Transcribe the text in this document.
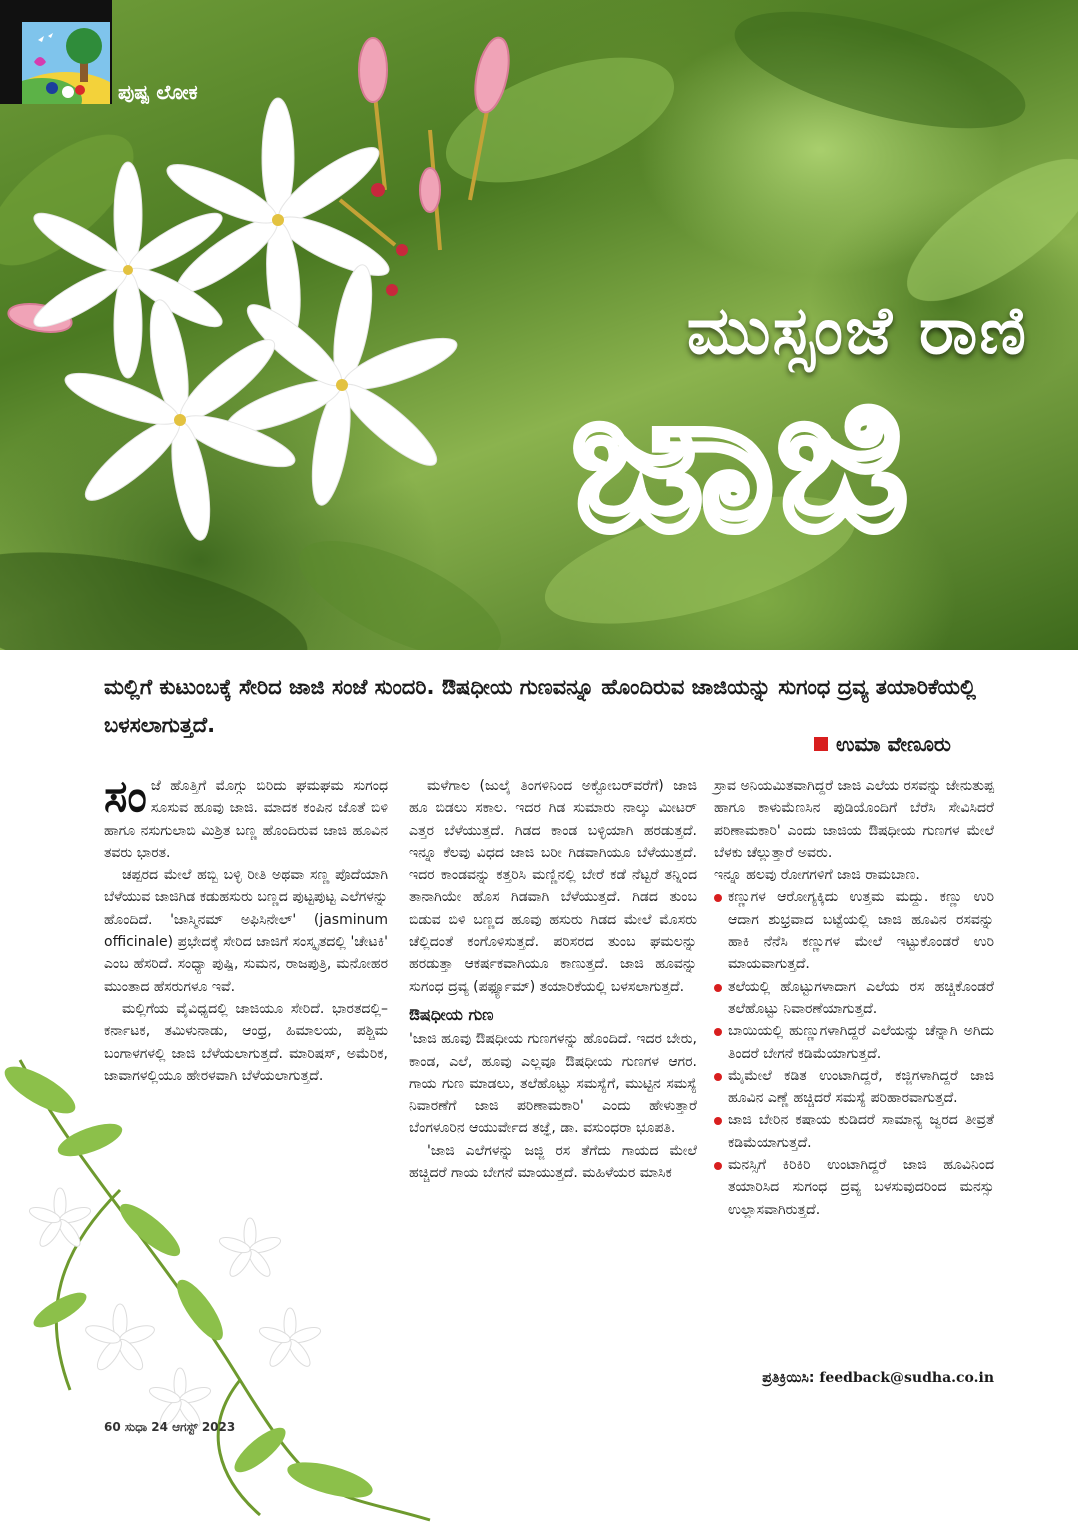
ಪುಷ್ಪ ಲೋಕ
ಮುಸ್ಸಂಜೆ ರಾಣಿ
ಜಾಜಿ
ಮಲ್ಲಿಗೆ ಕುಟುಂಬಕ್ಕೆ ಸೇರಿದ ಜಾಜಿ ಸಂಜೆ ಸುಂದರಿ. ಔಷಧೀಯ ಗುಣವನ್ನೂ ಹೊಂದಿರುವ ಜಾಜಿಯನ್ನು ಸುಗಂಧ ದ್ರವ್ಯ ತಯಾರಿಕೆಯಲ್ಲಿ ಬಳಸಲಾಗುತ್ತದೆ.
ಉಮಾ ವೇಣೂರು

ಸಂಜೆ ಹೊತ್ತಿಗೆ ಮೊಗ್ಗು ಬಿರಿದು ಘಮಘಮ ಸುಗಂಧ ಸೂಸುವ ಹೂವು ಜಾಜಿ. ಮಾದಕ ಕಂಪಿನ ಜೊತೆ ಬಿಳಿ ಹಾಗೂ ನಸುಗುಲಾಬಿ ಮಿಶ್ರಿತ ಬಣ್ಣ ಹೊಂದಿರುವ ಜಾಜಿ ಹೂವಿನ ತವರು ಭಾರತ.

ಚಪ್ಪರದ ಮೇಲೆ ಹಬ್ಬಿ ಬಳ್ಳಿ ರೀತಿ ಅಥವಾ ಸಣ್ಣ ಪೊದೆಯಾಗಿ ಬೆಳೆಯುವ ಜಾಜಿಗಿಡ ಕಡುಹಸುರು ಬಣ್ಣದ ಪುಟ್ಟಪುಟ್ಟ ಎಲೆಗಳನ್ನು ಹೊಂದಿದೆ. 'ಜಾಸ್ಮಿನಮ್ ಅಫಿಸಿನೇಲ್' (jasminum officinale) ಪ್ರಭೇದಕ್ಕೆ ಸೇರಿದ ಜಾಜಿಗೆ ಸಂಸ್ಕೃತದಲ್ಲಿ 'ಚೇಟಕಿ' ಎಂಬ ಹೆಸರಿದೆ. ಸಂಧ್ಯಾ ಪುಷ್ಪಿ, ಸುಮನ, ರಾಜಪುತ್ರಿ, ಮನೋಹರ ಮುಂತಾದ ಹೆಸರುಗಳೂ ಇವೆ.

ಮಲ್ಲಿಗೆಯ ವೈವಿಧ್ಯದಲ್ಲಿ ಜಾಜಿಯೂ ಸೇರಿದೆ. ಭಾರತದಲ್ಲಿ– ಕರ್ನಾಟಕ, ತಮಿಳುನಾಡು, ಆಂಧ್ರ, ಹಿಮಾಲಯ, ಪಶ್ಚಿಮ ಬಂಗಾಳಗಳಲ್ಲಿ ಜಾಜಿ ಬೆಳೆಯಲಾಗುತ್ತದೆ. ಮಾರಿಷಸ್, ಅಮೆರಿಕ, ಜಾವಾಗಳಲ್ಲಿಯೂ ಹೇರಳವಾಗಿ ಬೆಳೆಯಲಾಗುತ್ತದೆ.

ಮಳೆಗಾಲ (ಜುಲೈ ತಿಂಗಳಿನಿಂದ ಅಕ್ಟೋಬರ್‌ವರೆಗೆ) ಜಾಜಿ ಹೂ ಬಿಡಲು ಸಕಾಲ. ಇದರ ಗಿಡ ಸುಮಾರು ನಾಲ್ಕು ಮೀಟರ್ ಎತ್ತರ ಬೆಳೆಯುತ್ತದೆ. ಗಿಡದ ಕಾಂಡ ಬಳ್ಳಿಯಾಗಿ ಹರಡುತ್ತದೆ. ಇನ್ನೂ ಕೆಲವು ವಿಧದ ಜಾಜಿ ಬರೀ ಗಿಡವಾಗಿಯೂ ಬೆಳೆಯುತ್ತದೆ. ಇದರ ಕಾಂಡವನ್ನು ಕತ್ತರಿಸಿ ಮಣ್ಣಿನಲ್ಲಿ ಬೇರೆ ಕಡೆ ನೆಟ್ಟರೆ ತನ್ನಿಂದ ತಾನಾಗಿಯೇ ಹೊಸ ಗಿಡವಾಗಿ ಬೆಳೆಯುತ್ತದೆ. ಗಿಡದ ತುಂಬ ಬಿಡುವ ಬಿಳಿ ಬಣ್ಣದ ಹೂವು ಹಸುರು ಗಿಡದ ಮೇಲೆ ಮೊಸರು ಚೆಲ್ಲಿದಂತೆ ಕಂಗೊಳಿಸುತ್ತದೆ. ಪರಿಸರದ ತುಂಬ ಘಮಲನ್ನು ಹರಡುತ್ತಾ ಆಕರ್ಷಕವಾಗಿಯೂ ಕಾಣುತ್ತದೆ. ಜಾಜಿ ಹೂವನ್ನು ಸುಗಂಧ ದ್ರವ್ಯ (ಪರ್ಫ್ಯೂಮ್) ತಯಾರಿಕೆಯಲ್ಲಿ ಬಳಸಲಾಗುತ್ತದೆ.

ಔಷಧೀಯ ಗುಣ

'ಜಾಜಿ ಹೂವು ಔಷಧೀಯ ಗುಣಗಳನ್ನು ಹೊಂದಿದೆ. ಇದರ ಬೇರು, ಕಾಂಡ, ಎಲೆ, ಹೂವು ಎಲ್ಲವೂ ಔಷಧೀಯ ಗುಣಗಳ ಆಗರ. ಗಾಯ ಗುಣ ಮಾಡಲು, ತಲೆಹೊಟ್ಟು ಸಮಸ್ಯೆಗೆ, ಮುಟ್ಟಿನ ಸಮಸ್ಯೆ ನಿವಾರಣೆಗೆ ಜಾಜಿ ಪರಿಣಾಮಕಾರಿ' ಎಂದು ಹೇಳುತ್ತಾರೆ ಬೆಂಗಳೂರಿನ ಆಯುರ್ವೇದ ತಜ್ಞೆ, ಡಾ. ವಸುಂಧರಾ ಭೂಪತಿ.

'ಜಾಜಿ ಎಲೆಗಳನ್ನು ಜಜ್ಜಿ ರಸ ತೆಗೆದು ಗಾಯದ ಮೇಲೆ ಹಚ್ಚಿದರೆ ಗಾಯ ಬೇಗನೆ ಮಾಯುತ್ತದೆ. ಮಹಿಳೆಯರ ಮಾಸಿಕ

ಸ್ರಾವ ಅನಿಯಮಿತವಾಗಿದ್ದರೆ ಜಾಜಿ ಎಲೆಯ ರಸವನ್ನು ಜೇನುತುಪ್ಪ ಹಾಗೂ ಕಾಳುಮೆಣಸಿನ ಪುಡಿಯೊಂದಿಗೆ ಬೆರೆಸಿ ಸೇವಿಸಿದರೆ ಪರಿಣಾಮಕಾರಿ' ಎಂದು ಜಾಜಿಯ ಔಷಧೀಯ ಗುಣಗಳ ಮೇಲೆ ಬೆಳಕು ಚೆಲ್ಲುತ್ತಾರೆ ಅವರು.

ಇನ್ನೂ ಹಲವು ರೋಗಗಳಿಗೆ ಜಾಜಿ ರಾಮಬಾಣ.

ಕಣ್ಣುಗಳ ಆರೋಗ್ಯಕ್ಕಿದು ಉತ್ತಮ ಮದ್ದು. ಕಣ್ಣು ಉರಿ ಆದಾಗ ಶುಭ್ರವಾದ ಬಟ್ಟೆಯಲ್ಲಿ ಜಾಜಿ ಹೂವಿನ ರಸವನ್ನು ಹಾಕಿ ನೆನೆಸಿ ಕಣ್ಣುಗಳ ಮೇಲೆ ಇಟ್ಟುಕೊಂಡರೆ ಉರಿ ಮಾಯವಾಗುತ್ತದೆ.

ತಲೆಯಲ್ಲಿ ಹೊಟ್ಟುಗಳಾದಾಗ ಎಲೆಯ ರಸ ಹಚ್ಚಿಕೊಂಡರೆ ತಲೆಹೊಟ್ಟು ನಿವಾರಣೆಯಾಗುತ್ತದೆ.

ಬಾಯಿಯಲ್ಲಿ ಹುಣ್ಣುಗಳಾಗಿದ್ದರೆ ಎಲೆಯನ್ನು ಚೆನ್ನಾಗಿ ಅಗಿದು ತಿಂದರೆ ಬೇಗನೆ ಕಡಿಮೆಯಾಗುತ್ತದೆ.

ಮೈಮೇಲೆ ಕಡಿತ ಉಂಟಾಗಿದ್ದರೆ, ಕಜ್ಜಿಗಳಾಗಿದ್ದರೆ ಜಾಜಿ ಹೂವಿನ ಎಣ್ಣೆ ಹಚ್ಚಿದರೆ ಸಮಸ್ಯೆ ಪರಿಹಾರವಾಗುತ್ತದೆ.

ಜಾಜಿ ಬೇರಿನ ಕಷಾಯ ಕುಡಿದರೆ ಸಾಮಾನ್ಯ ಜ್ವರದ ತೀವ್ರತೆ ಕಡಿಮೆಯಾಗುತ್ತದೆ.

ಮನಸ್ಸಿಗೆ ಕಿರಿಕಿರಿ ಉಂಟಾಗಿದ್ದರೆ ಜಾಜಿ ಹೂವಿನಿಂದ ತಯಾರಿಸಿದ ಸುಗಂಧ ದ್ರವ್ಯ ಬಳಸುವುದರಿಂದ ಮನಸ್ಸು ಉಲ್ಲಾಸವಾಗಿರುತ್ತದೆ.

ಪ್ರತಿಕ್ರಿಯಿಸಿ: feedback@sudha.co.in
60 ಸುಧಾ 24 ಆಗಸ್ಟ್ 2023
